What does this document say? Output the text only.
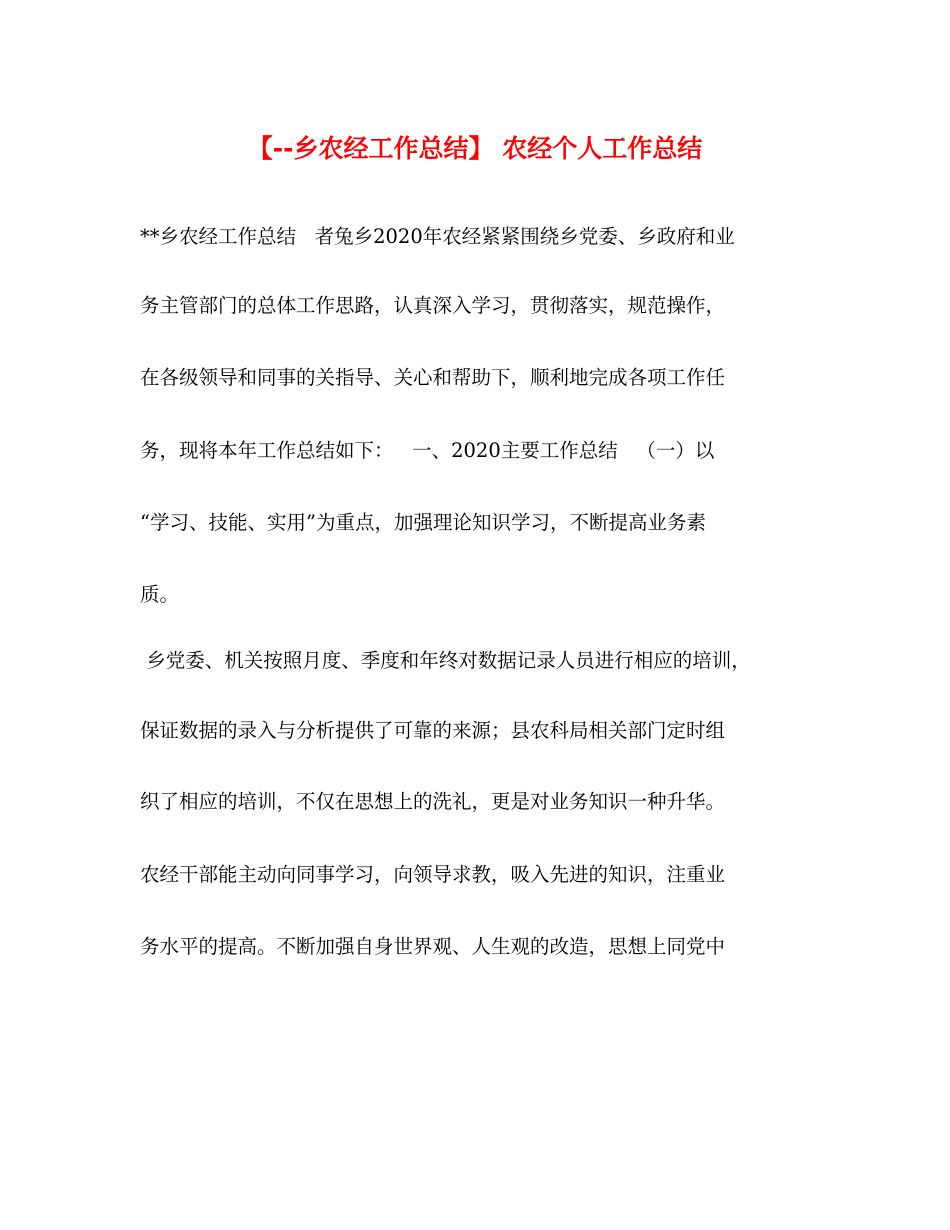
【--乡农经工作总结】 农经个人工作总结
**乡农经工作总结   者兔乡2020年农经紧紧围绕乡党委、乡政府和业
务主管部门的总体工作思路，认真深入学习，贯彻落实，规范操作，
在各级领导和同事的关指导、关心和帮助下，顺利地完成各项工作任
务，现将本年工作总结如下：   一、2020主要工作总结   （一）以
“学习、技能、实用”为重点，加强理论知识学习，不断提高业务素
质。
乡党委、机关按照月度、季度和年终对数据记录人员进行相应的培训，
保证数据的录入与分析提供了可靠的来源；县农科局相关部门定时组
织了相应的培训，不仅在思想上的洗礼，更是对业务知识一种升华。
农经干部能主动向同事学习，向领导求教，吸入先进的知识，注重业
务水平的提高。不断加强自身世界观、人生观的改造，思想上同党中
